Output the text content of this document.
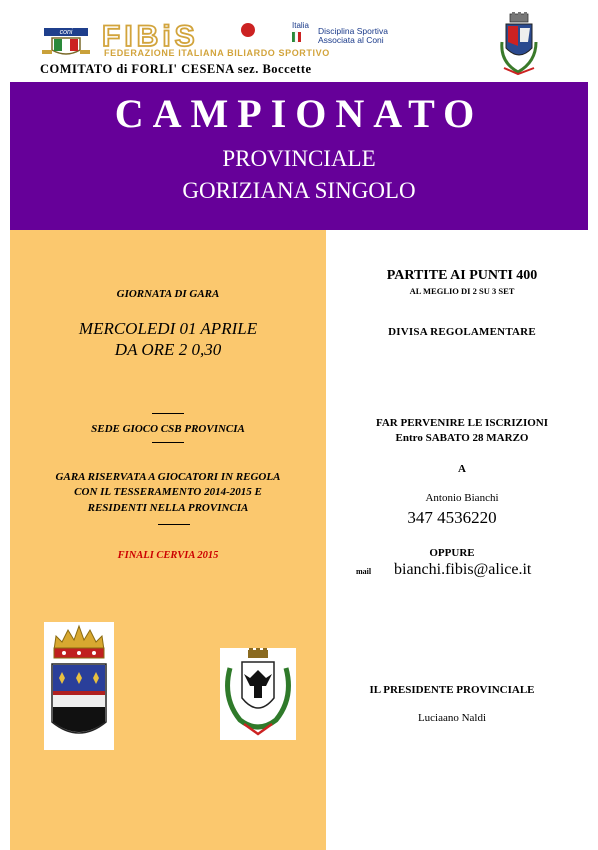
coni FIBiS
FEDERAZIONE ITALIANA BILIARDO SPORTIVO
Italia
Disciplina Sportiva
Associata al Coni
COMITATO di FORLI' CESENA sez. Boccette
CAMPIONATO
PROVINCIALE
GORIZIANA SINGOLO
GIORNATA DI GARA
MERCOLEDI 01 APRILE
DA ORE 2 0,30
SEDE GIOCO CSB PROVINCIA
GARA RISERVATA A GIOCATORI IN REGOLA
CON IL TESSERAMENTO 2014-2015 E
RESIDENTI NELLA PROVINCIA
FINALI CERVIA 2015
PARTITE AI PUNTI 400
AL MEGLIO DI 2 SU 3 SET
DIVISA REGOLAMENTARE
FAR PERVENIRE LE ISCRIZIONI
Entro SABATO 28 MARZO
A
Antonio Bianchi
347 4536220
OPPURE
mail bianchi.fibis@alice.it
IL PRESIDENTE PROVINCIALE
Luciaano Naldi
